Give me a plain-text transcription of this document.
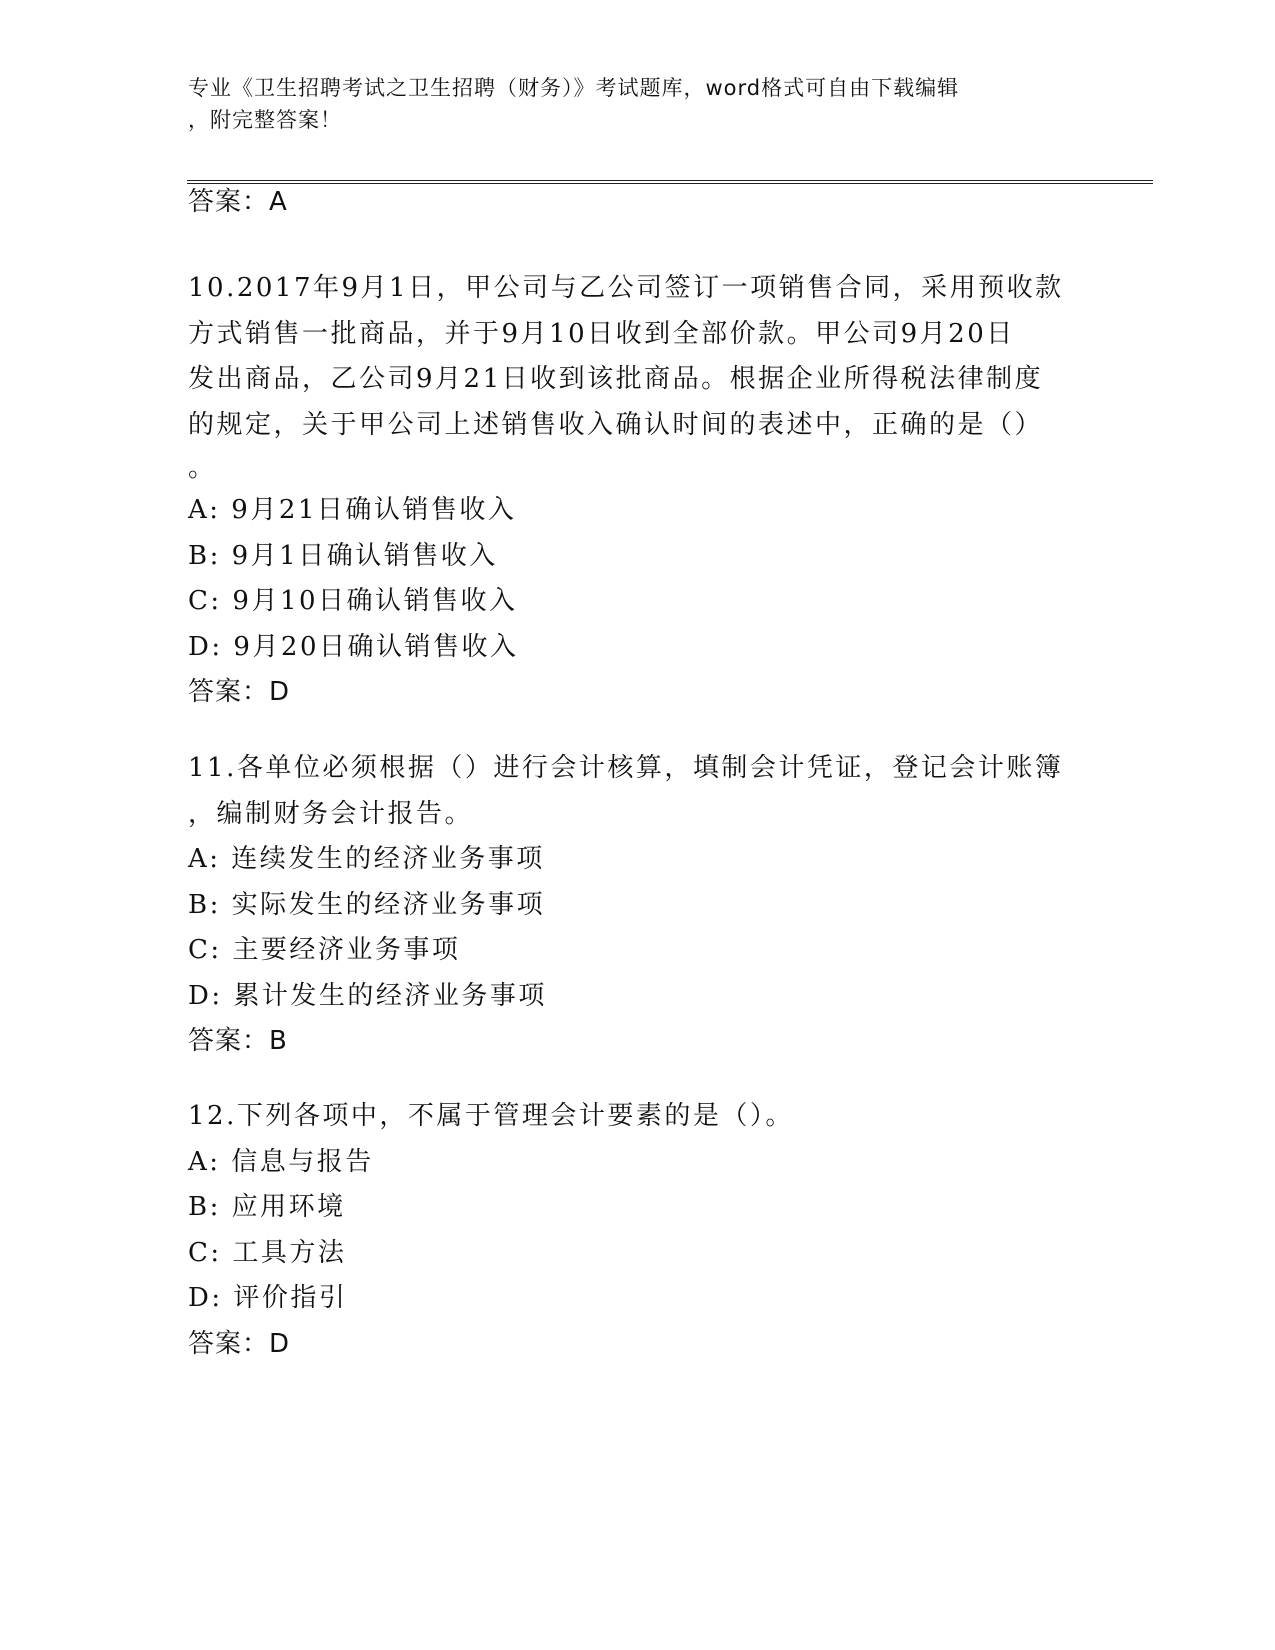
专业《卫生招聘考试之卫生招聘（财务）》考试题库，word格式可自由下载编辑
，附完整答案！
答案：A

10.2017年9月1日，甲公司与乙公司签订一项销售合同，采用预收款

方式销售一批商品，并于9月10日收到全部价款。甲公司9月20日

发出商品，乙公司9月21日收到该批商品。根据企业所得税法律制度

的规定，关于甲公司上述销售收入确认时间的表述中，正确的是（）

。

A: 9月21日确认销售收入

B: 9月1日确认销售收入

C: 9月10日确认销售收入

D: 9月20日确认销售收入

答案：D

11.各单位必须根据（）进行会计核算，填制会计凭证，登记会计账簿

，编制财务会计报告。

A: 连续发生的经济业务事项

B: 实际发生的经济业务事项

C: 主要经济业务事项

D: 累计发生的经济业务事项

答案：B

12.下列各项中，不属于管理会计要素的是（）。

A: 信息与报告

B: 应用环境

C: 工具方法

D: 评价指引

答案：D
